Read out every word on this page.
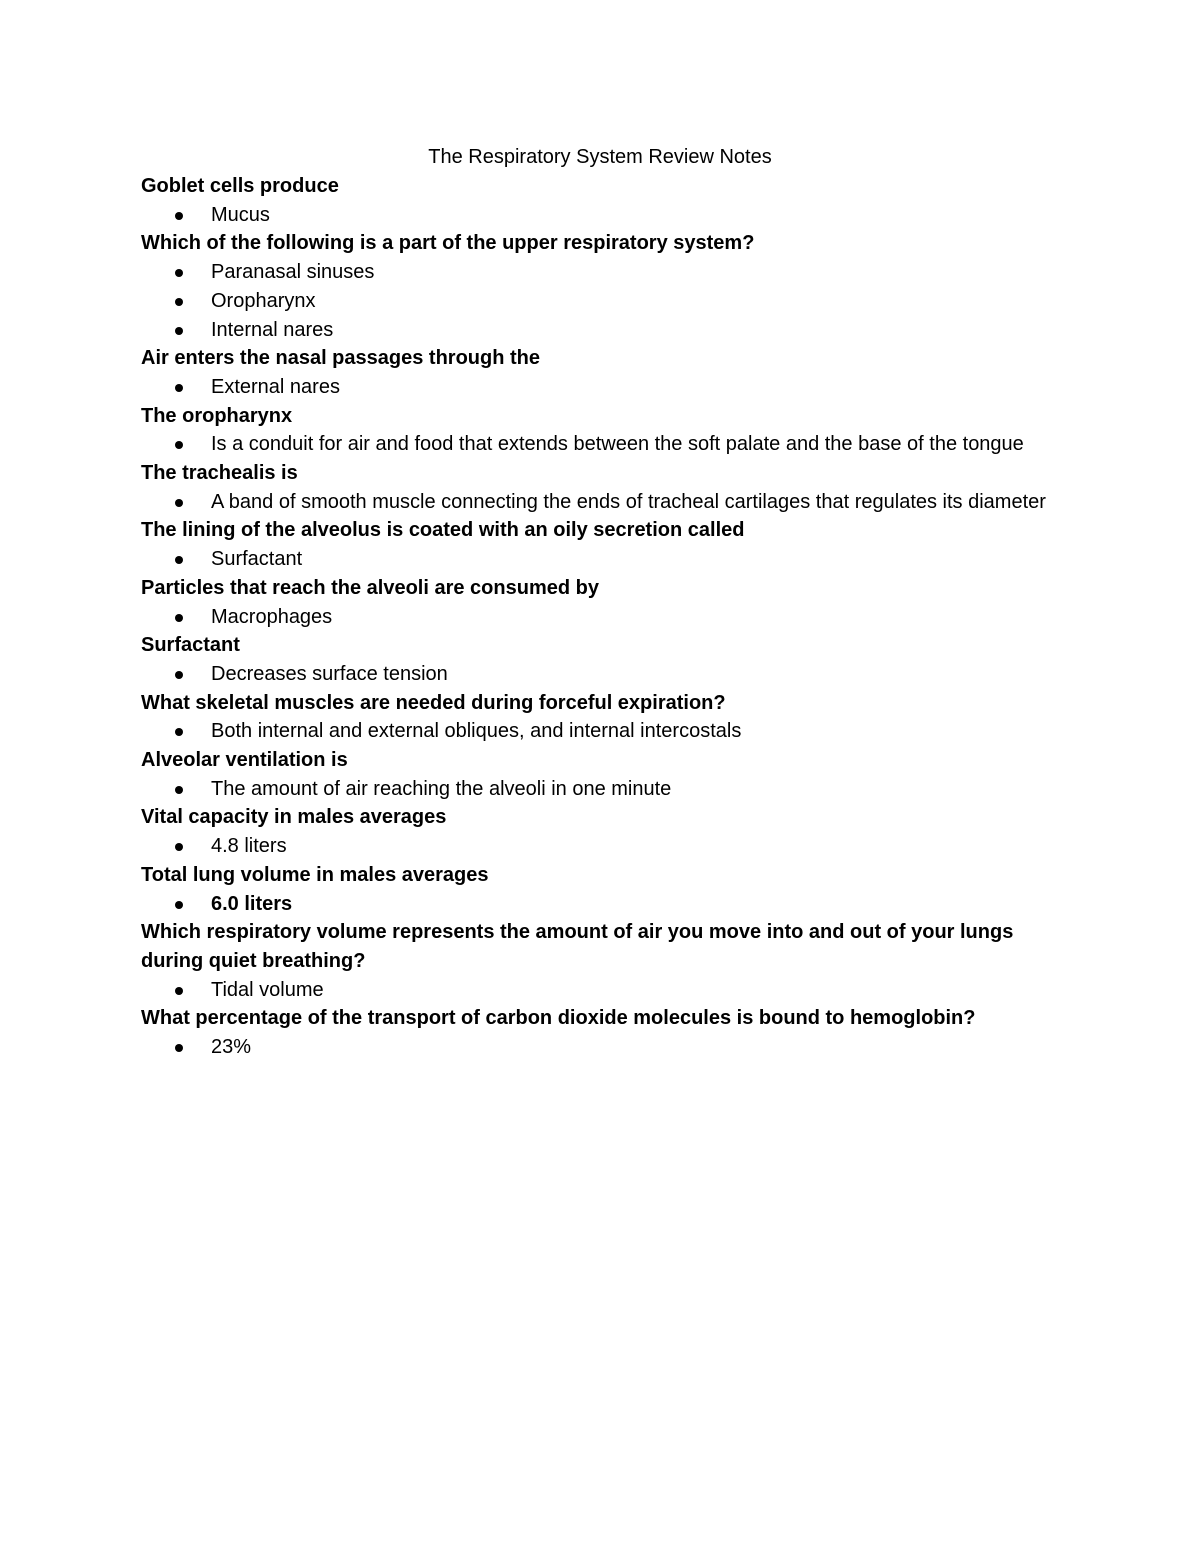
The Respiratory System Review Notes

Goblet cells produce

Mucus

Which of the following is a part of the upper respiratory system?

Paranasal sinuses
Oropharynx
Internal nares

Air enters the nasal passages through the

External nares

The oropharynx

Is a conduit for air and food that extends between the soft palate and the base of the tongue

The trachealis is

A band of smooth muscle connecting the ends of tracheal cartilages that regulates its diameter

The lining of the alveolus is coated with an oily secretion called

Surfactant

Particles that reach the alveoli are consumed by

Macrophages

Surfactant

Decreases surface tension

What skeletal muscles are needed during forceful expiration?

Both internal and external obliques, and internal intercostals

Alveolar ventilation is

The amount of air reaching the alveoli in one minute

Vital capacity in males averages

4.8 liters

Total lung volume in males averages

6.0 liters

Which respiratory volume represents the amount of air you move into and out of your lungs during quiet breathing?

Tidal volume

What percentage of the transport of carbon dioxide molecules is bound to hemoglobin?

23%
